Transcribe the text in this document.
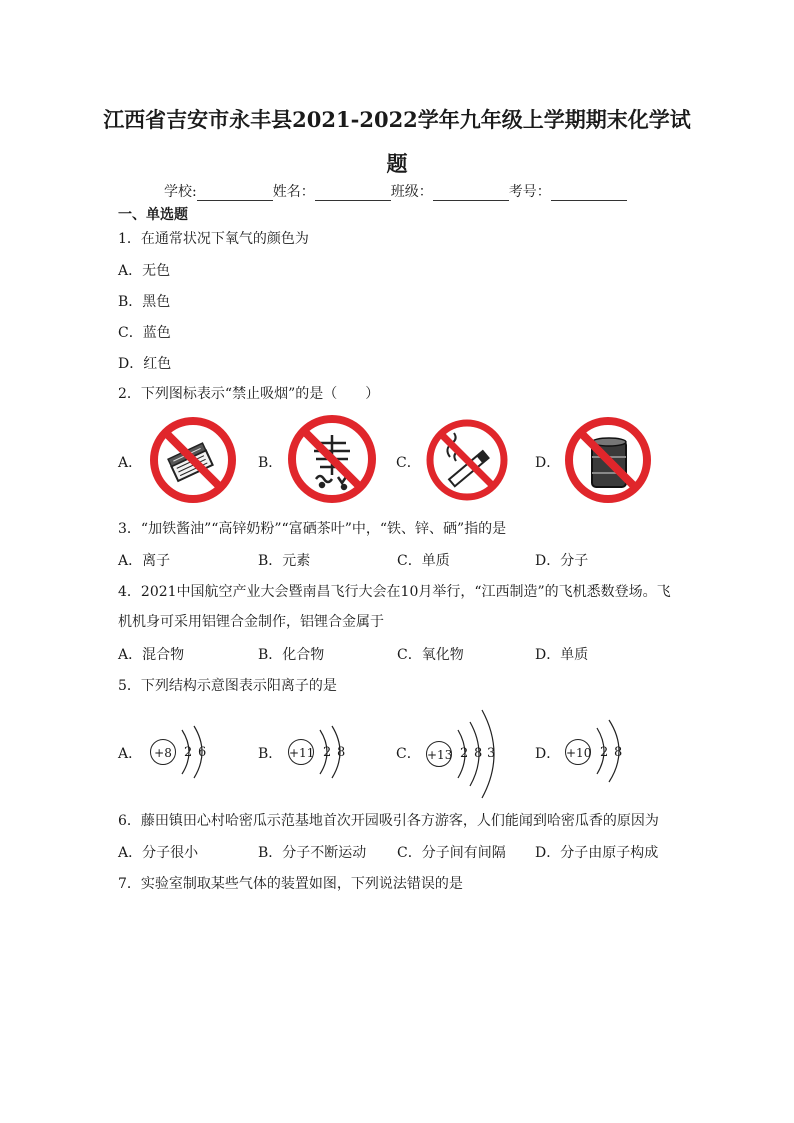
江西省吉安市永丰县2021-2022学年九年级上学期期末化学试
题
学校:	姓名：	班级：	考号：
一、单选题
1．在通常状况下氧气的颜色为
A．无色
B．黑色
C．蓝色
D．红色
2．下列图标表示“禁止吸烟”的是（　　）
A．	B．	C．	D．
3．“加铁酱油”“高锌奶粉”“富硒茶叶”中，“铁、锌、硒”指的是
A．离子	B．元素	C．单质	D．分子
4．2021中国航空产业大会暨南昌飞行大会在10月举行，“江西制造”的飞机悉数登场。飞
机机身可采用铝锂合金制作，铝锂合金属于
A．混合物	B．化合物	C．氧化物	D．单质
5．下列结构示意图表示阳离子的是
A．	B．	C．	D．
+8 2 6	+11 2 8	+13 2 8 3	+10 2 8
6．藤田镇田心村哈密瓜示范基地首次开园吸引各方游客，人们能闻到哈密瓜香的原因为
A．分子很小	B．分子不断运动 C．分子间有间隔 D．分子由原子构成
7．实验室制取某些气体的装置如图，下列说法错误的是
